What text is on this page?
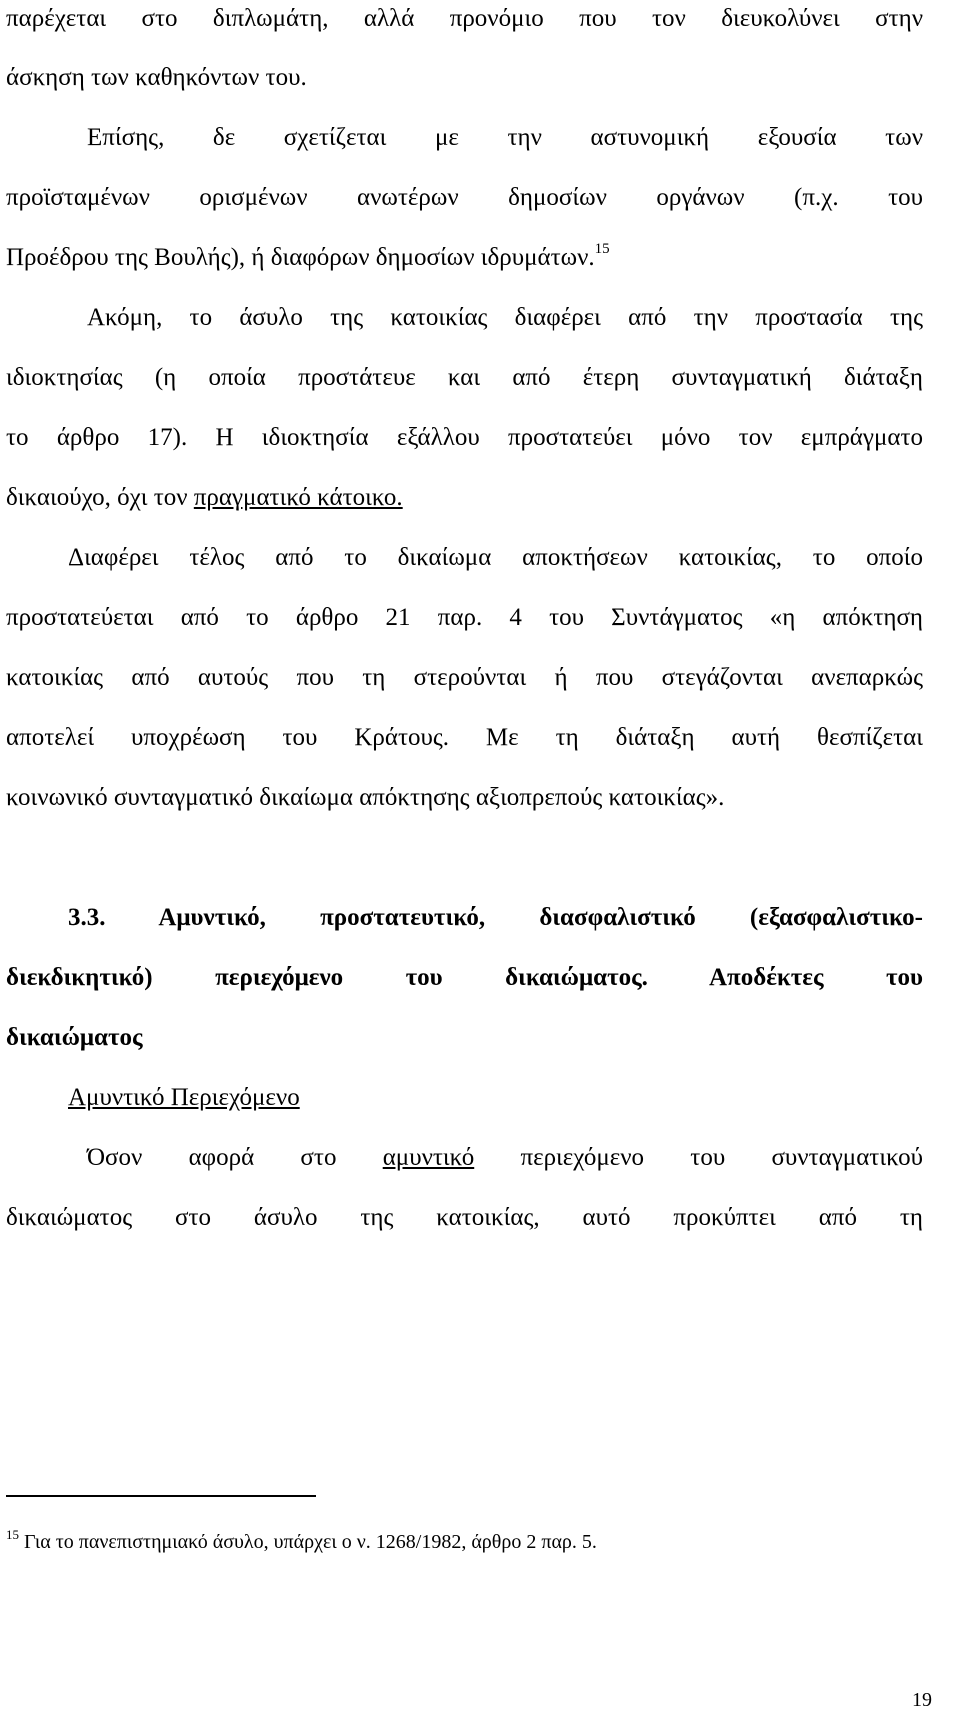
παρέχεται στο διπλωμάτη, αλλά προνόμιο που τον διευκολύνει στην
άσκηση των καθηκόντων του.
Επίσης, δε σχετίζεται με την αστυνομική εξουσία των
προϊσταμένων ορισμένων ανωτέρων δημοσίων οργάνων (π.χ. του
Προέδρου της Βουλής), ή διαφόρων δημοσίων ιδρυμάτων.$^{15}$
Ακόμη, το άσυλο της κατοικίας διαφέρει από την προστασία της
ιδιοκτησίας (η οποία προστάτευε και από έτερη συνταγματική διάταξη
το άρθρο 17). Η ιδιοκτησία εξάλλου προστατεύει μόνο τον εμπράγματο
δικαιούχο, όχι τον πραγματικό κάτοικο.
Διαφέρει τέλος από το δικαίωμα αποκτήσεων κατοικίας, το οποίο
προστατεύεται από το άρθρο 21 παρ. 4 του Συντάγματος «η απόκτηση
κατοικίας από αυτούς που τη στερούνται ή που στεγάζονται ανεπαρκώς
αποτελεί υποχρέωση του Κράτους. Με τη διάταξη αυτή θεσπίζεται
κοινωνικό συνταγματικό δικαίωμα απόκτησης αξιοπρεπούς κατοικίας».
3.3. Αμυντικό, προστατευτικό, διασφαλιστικό (εξασφαλιστικο-
διεκδικητικό) περιεχόμενο του δικαιώματος. Αποδέκτες του
δικαιώματος
Αμυντικό Περιεχόμενο
Όσον αφορά στο αμυντικό περιεχόμενο του συνταγματικού
δικαιώματος στο άσυλο της κατοικίας, αυτό προκύπτει από τη
$^{15}$ Για το πανεπιστημιακό άσυλο, υπάρχει ο ν. 1268/1982, άρθρο 2 παρ. 5.
19
